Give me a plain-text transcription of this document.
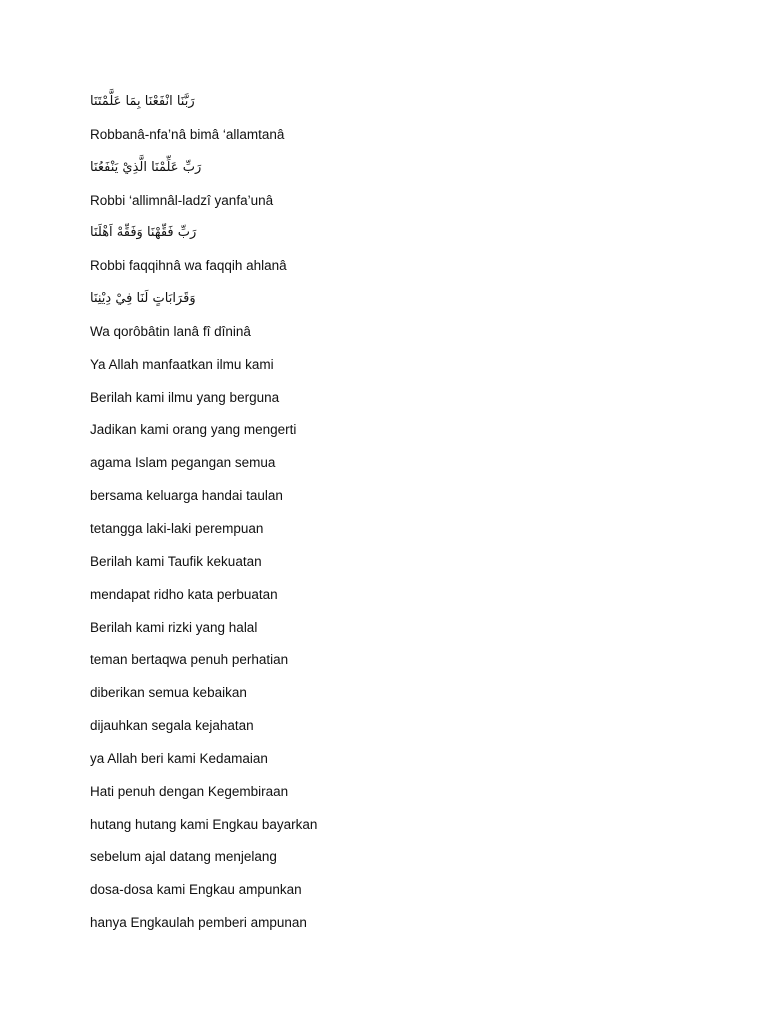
رَبَّنَا انْفَعْنَا بِمَا عَلَّمْتَنَا
Robbanâ-nfa’nâ bimâ ‘allamtanâ
رَبِّ عَلِّمْنَا الَّذِيْ يَنْفَعُنَا
Robbi ‘allimnâl-ladzî yanfa’unâ
رَبِّ فَقِّهْنَا وَفَقِّهْ اَهْلَنَا
Robbi faqqihnâ wa faqqih ahlanâ
وَقَرَابَاتٍ لَنَا فِيْ دِيْنِنَا
Wa qorôbâtin lanâ fî dîninâ
Ya Allah manfaatkan ilmu kami
Berilah kami ilmu yang berguna
Jadikan kami orang yang mengerti
agama Islam pegangan semua
bersama keluarga handai taulan
tetangga laki-laki perempuan
Berilah kami Taufik kekuatan
mendapat ridho kata perbuatan
Berilah kami rizki yang halal
teman bertaqwa penuh perhatian
diberikan semua kebaikan
dijauhkan segala kejahatan
ya Allah beri kami Kedamaian
Hati penuh dengan Kegembiraan
hutang hutang kami Engkau bayarkan
sebelum ajal datang menjelang
dosa-dosa kami Engkau ampunkan
hanya Engkaulah pemberi ampunan
